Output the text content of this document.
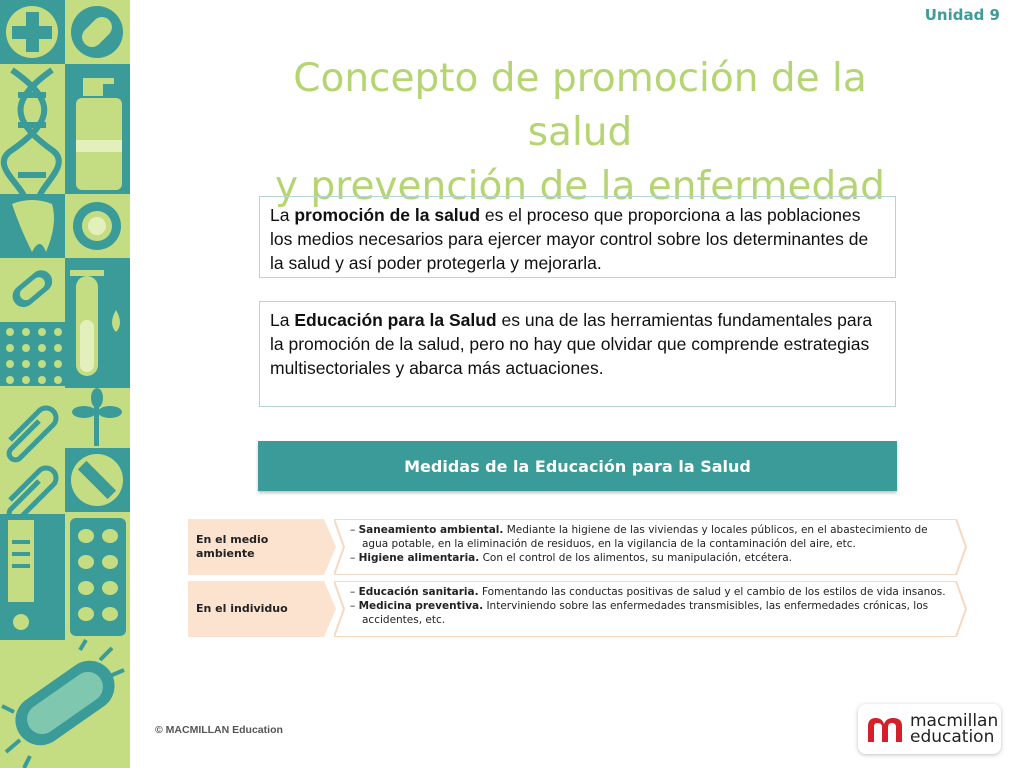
Unidad 9
Concepto de promoción de la salud
y prevención de la enfermedad
La promoción de la salud es el proceso que proporciona a las poblaciones los medios necesarios para ejercer mayor control sobre los determinantes de la salud y así poder protegerla y mejorarla.
La Educación para la Salud es una de las herramientas fundamentales para la promoción de la salud, pero no hay que olvidar que comprende estrategias multisectoriales y abarca más actuaciones.
Medidas de la Educación para la Salud
En el medio ambiente
– Saneamiento ambiental. Mediante la higiene de las viviendas y locales públicos, en el abastecimiento de agua potable, en la eliminación de residuos, en la vigilancia de la contaminación del aire, etc.
– Higiene alimentaria. Con el control de los alimentos, su manipulación, etcétera.
En el individuo
– Educación sanitaria. Fomentando las conductas positivas de salud y el cambio de los estilos de vida insanos.
– Medicina preventiva. Interviniendo sobre las enfermedades transmisibles, las enfermedades crónicas, los accidentes, etc.
© MACMILLAN Education	macmillan
education
